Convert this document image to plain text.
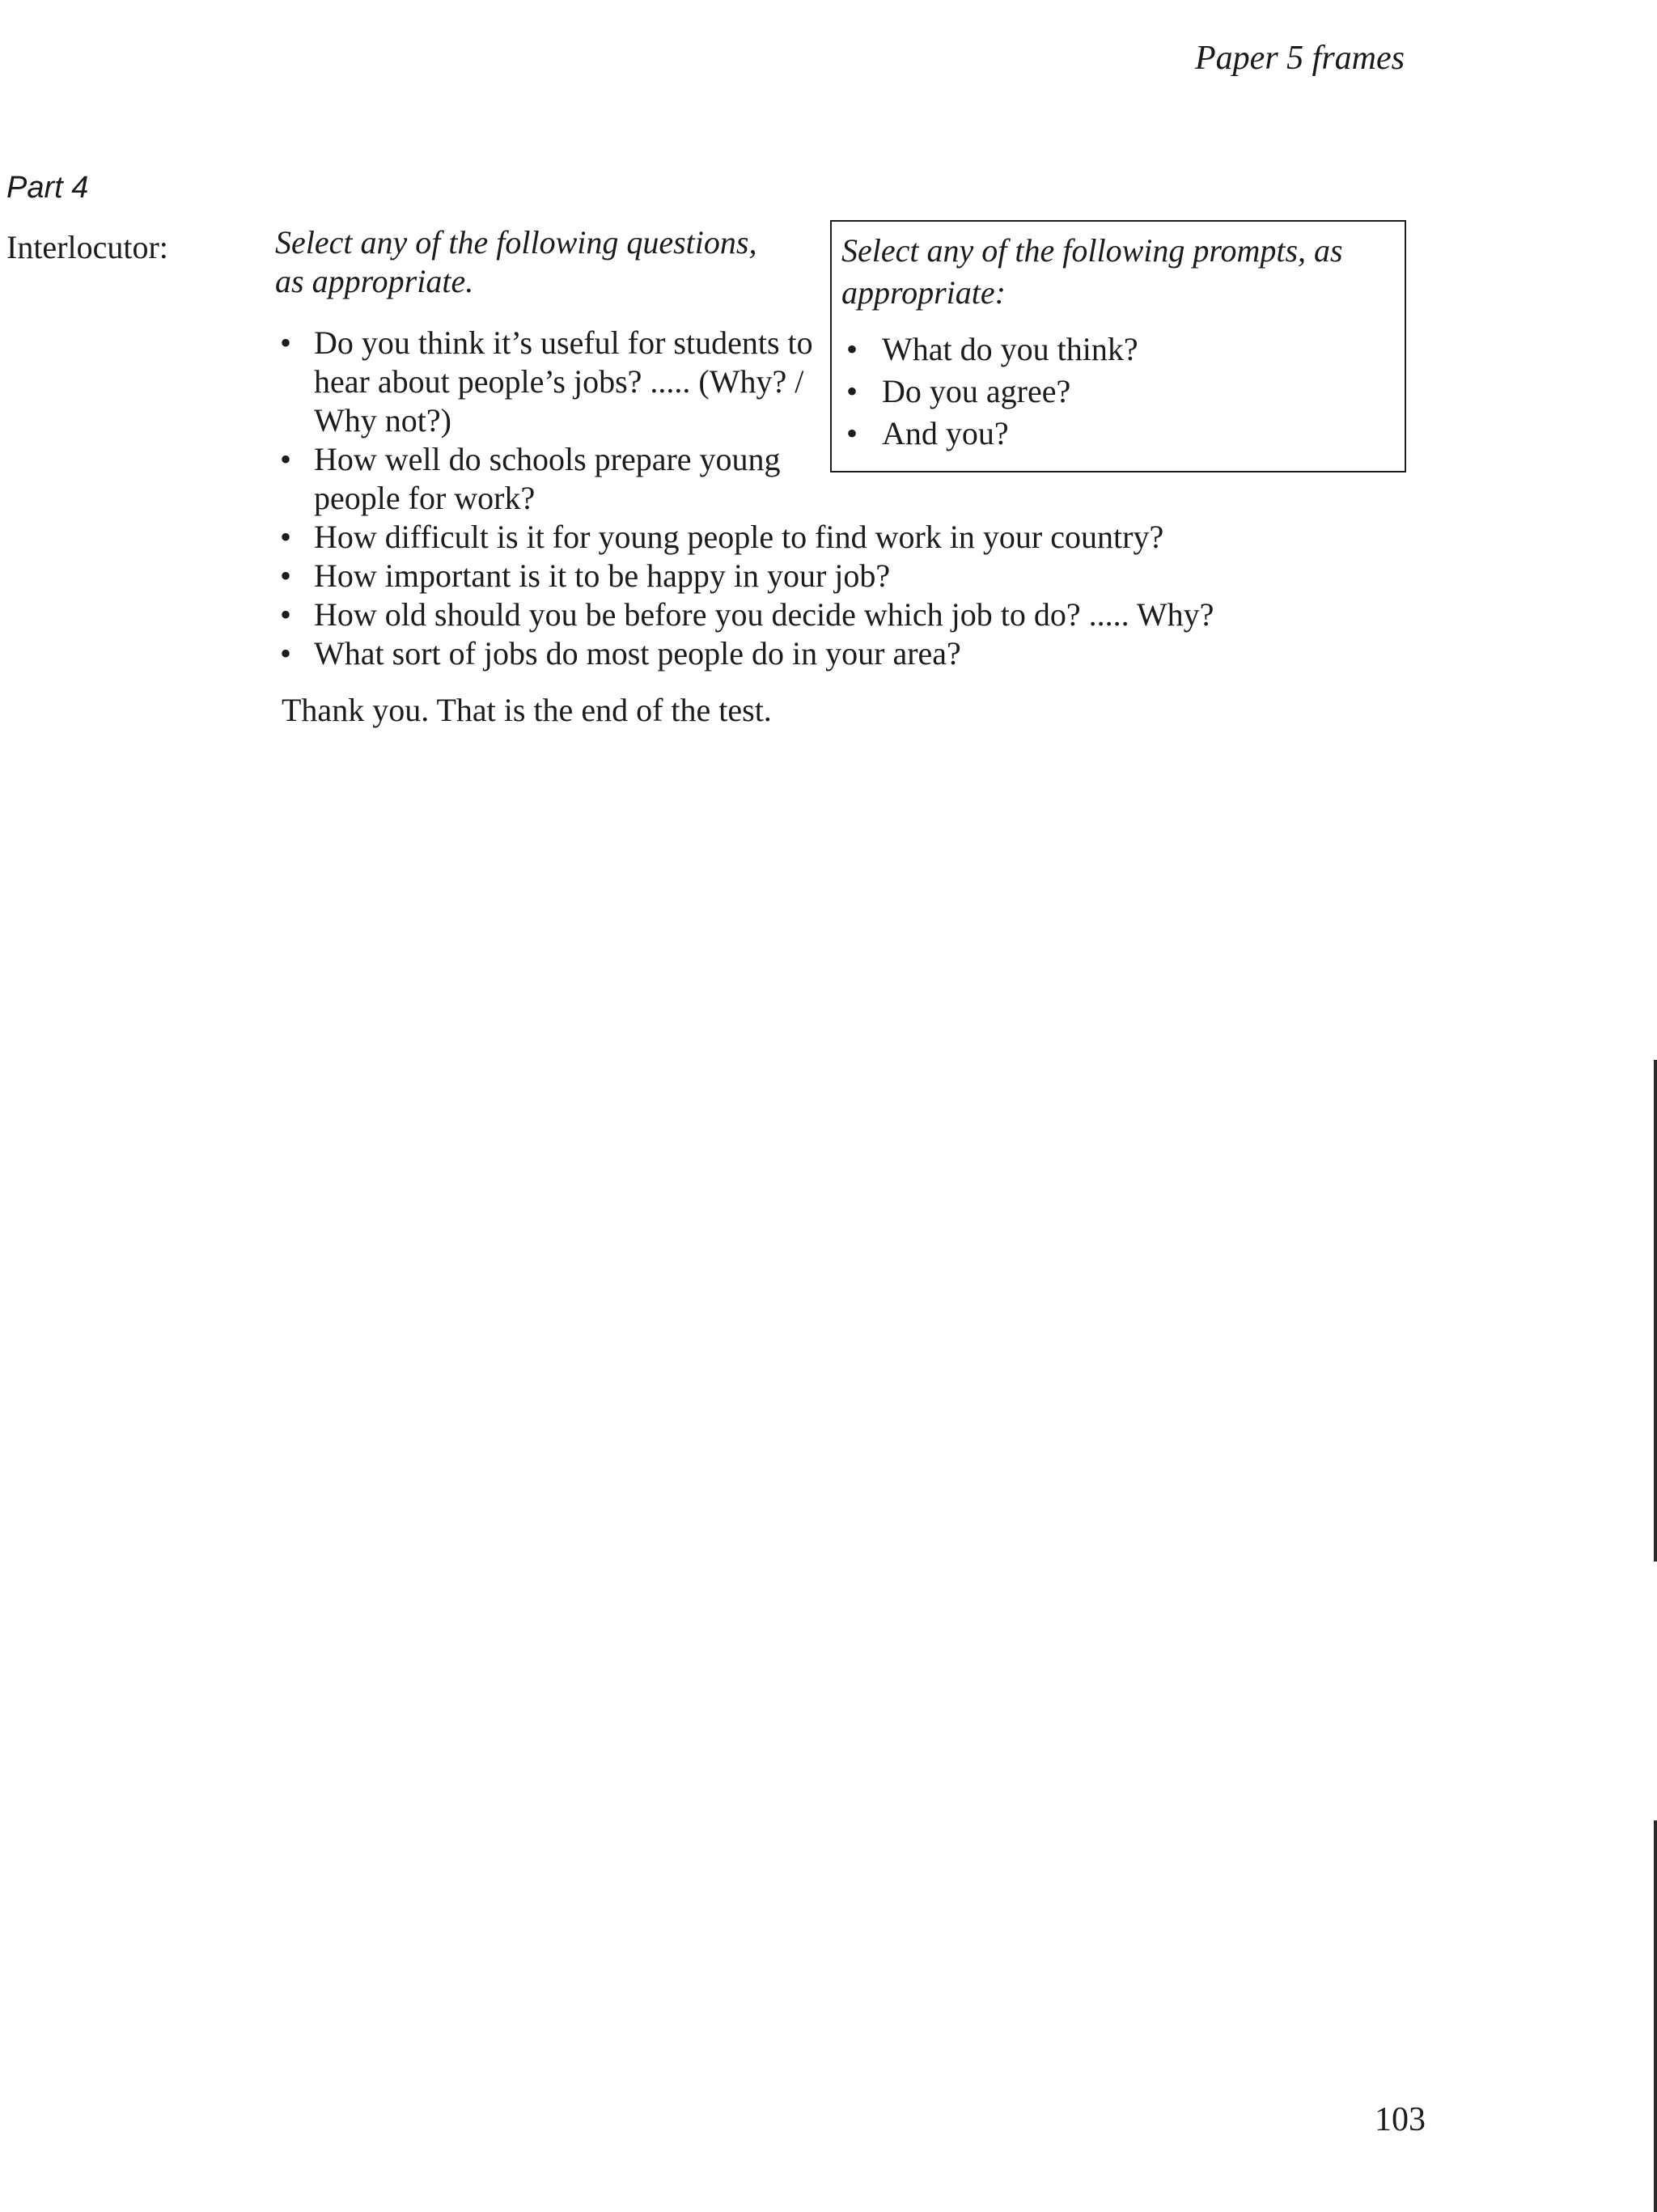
Paper 5 frames
Part 4
Interlocutor:	Select any of the following questions, as appropriate.
• Do you think it’s useful for students to hear about people’s jobs? ..... (Why? / Why not?)
• How well do schools prepare young people for work?
• How difficult is it for young people to find work in your country?
• How important is it to be happy in your job?
• How old should you be before you decide which job to do? ..... Why?
• What sort of jobs do most people do in your area?
Select any of the following prompts, as appropriate:
• What do you think?
• Do you agree?
• And you?
Thank you. That is the end of the test.
103
